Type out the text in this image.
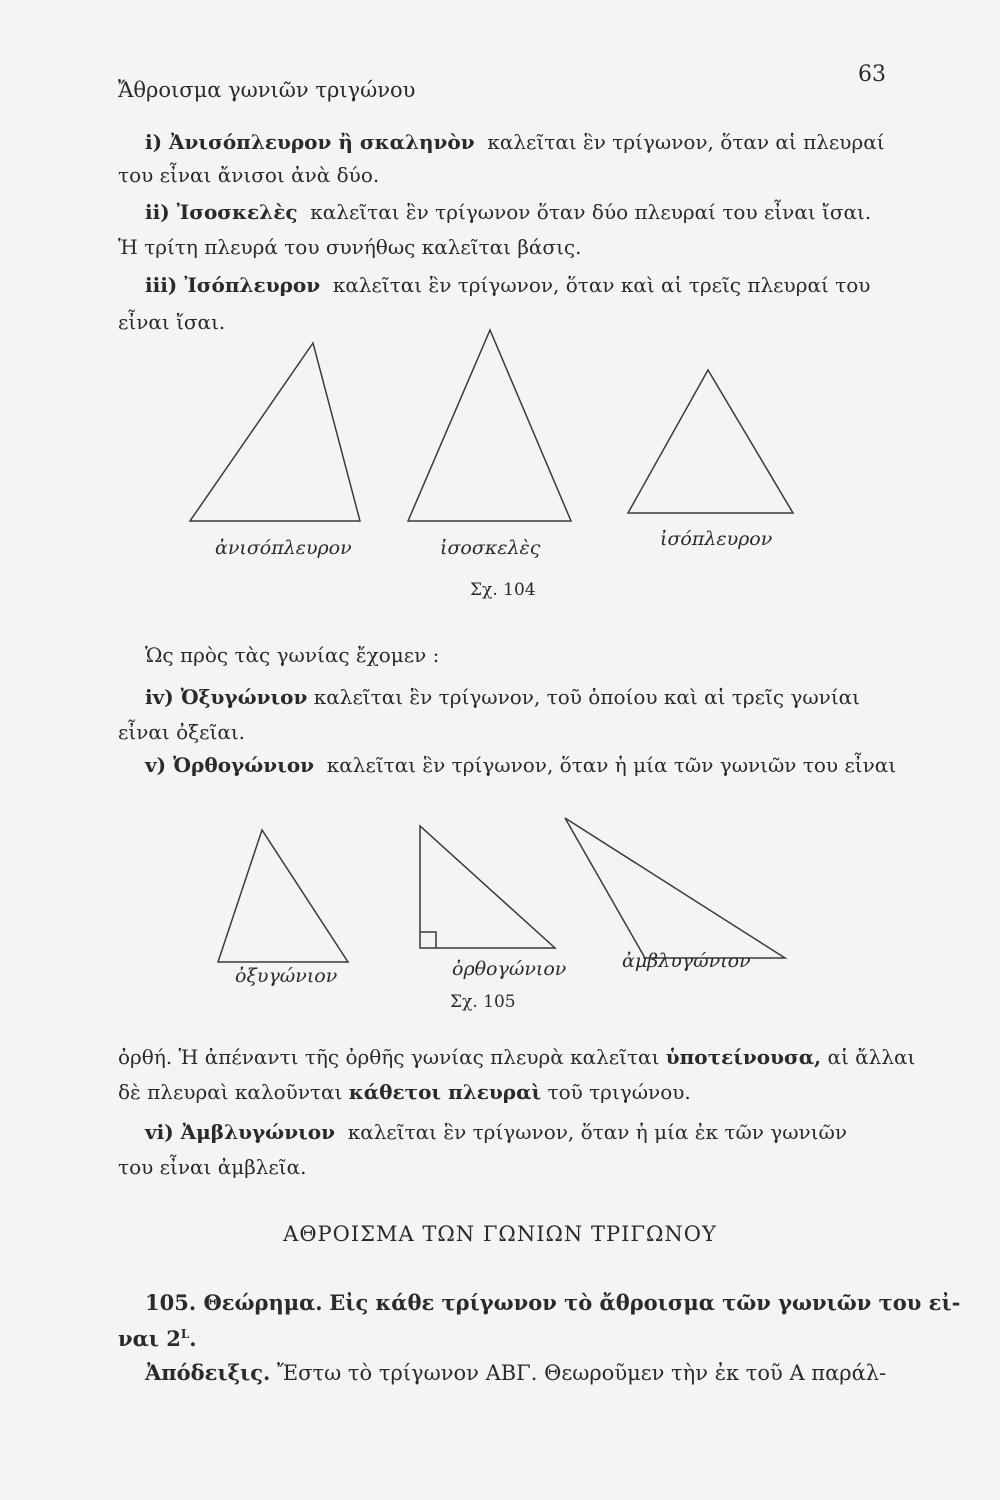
Ἄθροισμα γωνιῶν τριγώνου
63
i) Ἀνισόπλευρον ἢ σκαληνὸν καλεῖται ἓν τρίγωνον, ὅταν αἱ πλευραί
του εἶναι ἄνισοι ἀνὰ δύο.
ii) Ἰσοσκελὲς καλεῖται ἓν τρίγωνον ὅταν δύο πλευραί του εἶναι ἴσαι.
Ἡ τρίτη πλευρά του συνήθως καλεῖται βάσις.
iii) Ἰσόπλευρον καλεῖται ἓν τρίγωνον, ὅταν καὶ αἱ τρεῖς πλευραί του
εἶναι ἴσαι.
ἀνισόπλευρον	ἰσοσκελὲς	ἰσόπλευρον
Σχ. 104
Ὡς πρὸς τὰς γωνίας ἔχομεν :
iv) Ὀξυγώνιον καλεῖται ἓν τρίγωνον, τοῦ ὁποίου καὶ αἱ τρεῖς γωνίαι
εἶναι ὀξεῖαι.
v) Ὀρθογώνιον καλεῖται ἓν τρίγωνον, ὅταν ἡ μία τῶν γωνιῶν του εἶναι
ὀξυγώνιον	ὀρθογώνιον	ἀμβλυγώνιον
Σχ. 105
ὀρθή. Ἡ ἀπέναντι τῆς ὀρθῆς γωνίας πλευρὰ καλεῖται ὑποτείνουσα, αἱ ἄλλαι
δὲ πλευραὶ καλοῦνται κάθετοι πλευραὶ τοῦ τριγώνου.
vi) Ἀμβλυγώνιον καλεῖται ἓν τρίγωνον, ὅταν ἡ μία ἐκ τῶν γωνιῶν
του εἶναι ἀμβλεῖα.
ΑΘΡΟΙΣΜΑ ΤΩΝ ΓΩΝΙΩΝ ΤΡΙΓΩΝΟΥ
105. Θεώρημα. Εἰς κάθε τρίγωνον τὸ ἄθροισμα τῶν γωνιῶν του εἰ-
ναι $2^L$.
Ἀπόδειξις. Ἔστω τὸ τρίγωνον ΑΒΓ. Θεωροῦμεν τὴν ἐκ τοῦ Α παράλ-
